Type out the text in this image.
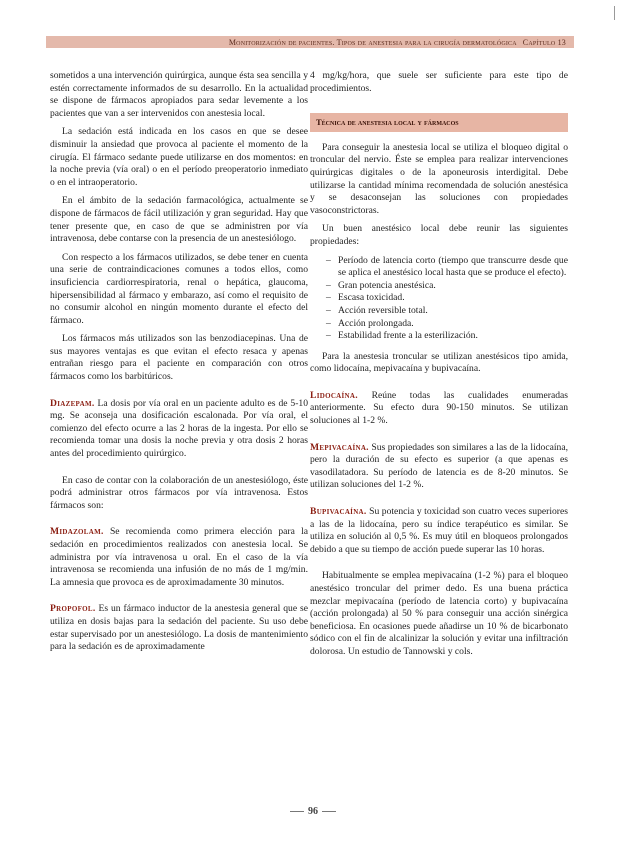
Monitorización de pacientes. Tipos de anestesia para la cirugía dermatológica Capítulo 13

sometidos a una intervención quirúrgica, aunque ésta sea sencilla y estén correctamente informados de su desarrollo. En la actualidad se dispone de fármacos apropiados para sedar levemente a los pacientes que van a ser intervenidos con anestesia local.

La sedación está indicada en los casos en que se desee disminuir la ansiedad que provoca al paciente el momento de la cirugía. El fármaco sedante puede utilizarse en dos momentos: en la noche previa (vía oral) o en el período preoperatorio inmediato o en el intraoperatorio.

En el ámbito de la sedación farmacológica, actualmente se dispone de fármacos de fácil utilización y gran seguridad. Hay que tener presente que, en caso de que se administren por vía intravenosa, debe contarse con la presencia de un anestesiólogo.

Con respecto a los fármacos utilizados, se debe tener en cuenta una serie de contraindicaciones comunes a todos ellos, como insuficiencia cardiorrespiratoria, renal o hepática, glaucoma, hipersensibilidad al fármaco y embarazo, así como el requisito de no consumir alcohol en ningún momento durante el efecto del fármaco.

Los fármacos más utilizados son las benzodiacepinas. Una de sus mayores ventajas es que evitan el efecto resaca y apenas entrañan riesgo para el paciente en comparación con otros fármacos como los barbitúricos.

Diazepam. La dosis por vía oral en un paciente adulto es de 5-10 mg. Se aconseja una dosificación escalonada. Por vía oral, el comienzo del efecto ocurre a las 2 horas de la ingesta. Por ello se recomienda tomar una dosis la noche previa y otra dosis 2 horas antes del procedimiento quirúrgico.

En caso de contar con la colaboración de un anestesiólogo, éste podrá administrar otros fármacos por vía intravenosa. Estos fármacos son:

Midazolam. Se recomienda como primera elección para la sedación en procedimientos realizados con anestesia local. Se administra por vía intravenosa u oral. En el caso de la vía intravenosa se recomienda una infusión de no más de 1 mg/min. La amnesia que provoca es de aproximadamente 30 minutos.

Propofol. Es un fármaco inductor de la anestesia general que se utiliza en dosis bajas para la sedación del paciente. Su uso debe estar supervisado por un anestesiólogo. La dosis de mantenimiento para la sedación es de aproximadamente

4 mg/kg/hora, que suele ser suficiente para este tipo de procedimientos.

Técnica de anestesia local y fármacos

Para conseguir la anestesia local se utiliza el bloqueo digital o troncular del nervio. Éste se emplea para realizar intervenciones quirúrgicas digitales o de la aponeurosis interdigital. Debe utilizarse la cantidad mínima recomendada de solución anestésica y se desaconsejan las soluciones con propiedades vasoconstrictoras.

Un buen anestésico local debe reunir las siguientes propiedades:

– Período de latencia corto (tiempo que transcurre desde que se aplica el anestésico local hasta que se produce el efecto).
– Gran potencia anestésica.
– Escasa toxicidad.
– Acción reversible total.
– Acción prolongada.
– Estabilidad frente a la esterilización.

Para la anestesia troncular se utilizan anestésicos tipo amida, como lidocaína, mepivacaína y bupivacaína.

Lidocaína. Reúne todas las cualidades enumeradas anteriormente. Su efecto dura 90-150 minutos. Se utilizan soluciones al 1-2 %.

Mepivacaína. Sus propiedades son similares a las de la lidocaína, pero la duración de su efecto es superior (a que apenas es vasodilatadora. Su período de latencia es de 8-20 minutos. Se utilizan soluciones del 1-2 %.

Bupivacaína. Su potencia y toxicidad son cuatro veces superiores a las de la lidocaína, pero su índice terapéutico es similar. Se utiliza en solución al 0,5 %. Es muy útil en bloqueos prolongados debido a que su tiempo de acción puede superar las 10 horas.

Habitualmente se emplea mepivacaína (1-2 %) para el bloqueo anestésico troncular del primer dedo. Es una buena práctica mezclar mepivacaína (período de latencia corto) y bupivacaína (acción prolongada) al 50 % para conseguir una acción sinérgica beneficiosa. En ocasiones puede añadirse un 10 % de bicarbonato sódico con el fin de alcalinizar la solución y evitar una infiltración dolorosa. Un estudio de Tannowski y cols.

96
